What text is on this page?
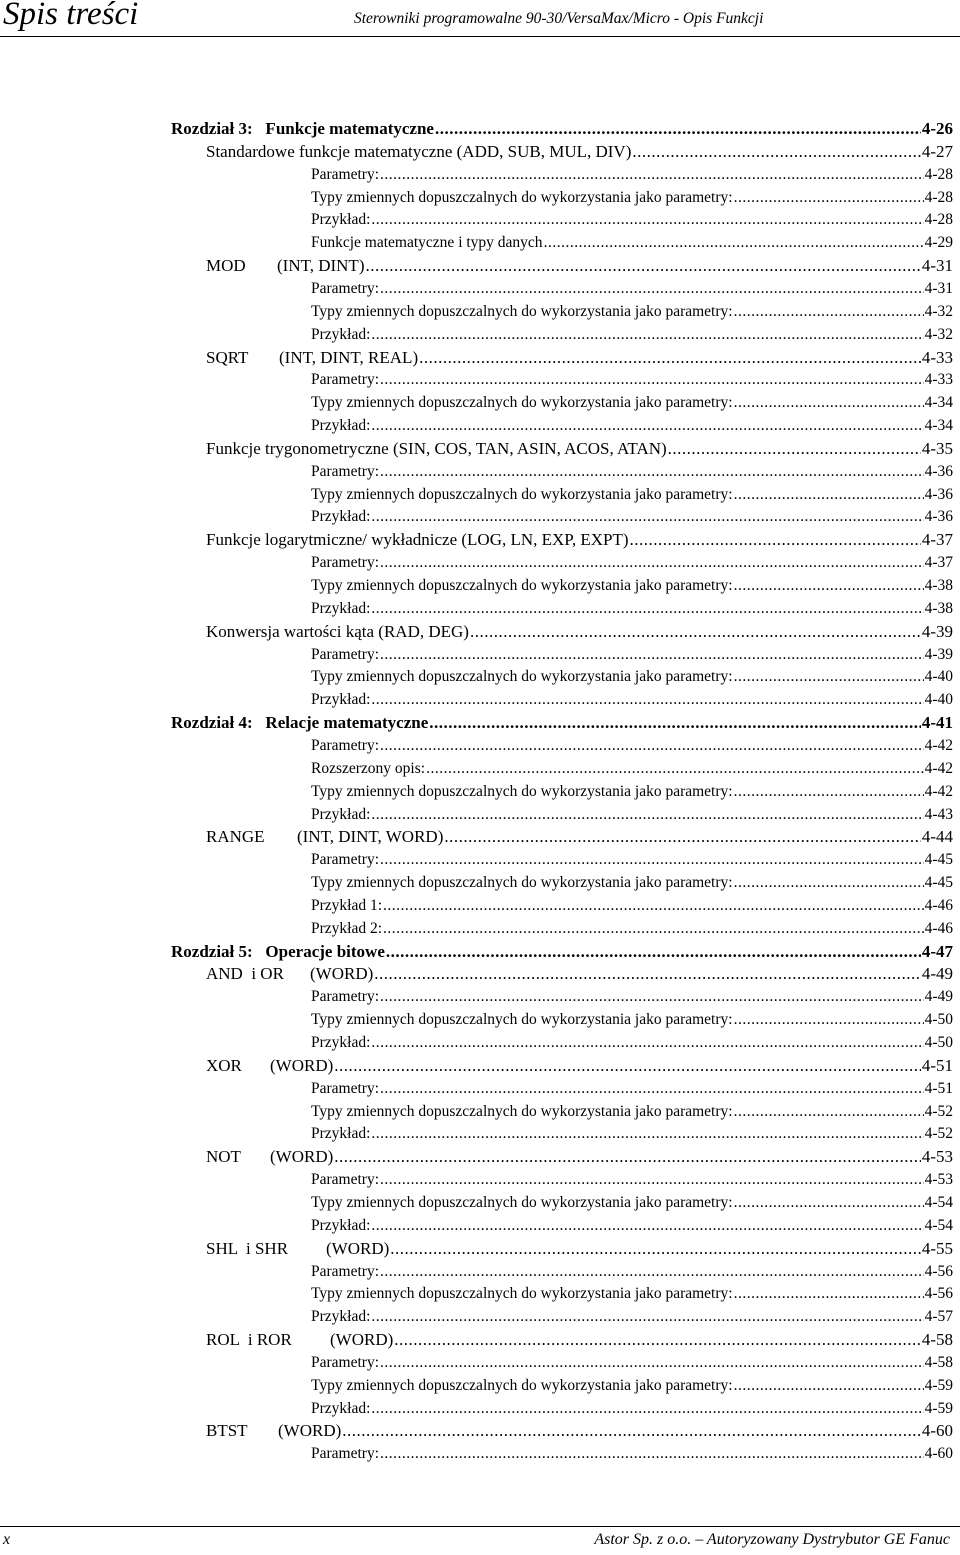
Spis treści	Sterowniki programowalne 90-30/VersaMax/Micro - Opis Funkcji
Rozdział 3:   Funkcje matematyczne .....	4-26
Standardowe funkcje matematyczne (ADD, SUB, MUL, DIV) .....	4-27
Parametry: .....	4-28
Typy zmiennych dopuszczalnych do wykorzystania jako parametry: .....	4-28
Przykład: .....	4-28
Funkcje matematyczne i typy danych .....	4-29
MOD (INT, DINT) .....	4-31
Parametry: .....	4-31
Typy zmiennych dopuszczalnych do wykorzystania jako parametry: .....	4-32
Przykład: .....	4-32
SQRT (INT, DINT, REAL) .....	4-33
Parametry: .....	4-33
Typy zmiennych dopuszczalnych do wykorzystania jako parametry: .....	4-34
Przykład: .....	4-34
Funkcje trygonometryczne (SIN, COS, TAN, ASIN, ACOS, ATAN) .....	4-35
Parametry: .....	4-36
Typy zmiennych dopuszczalnych do wykorzystania jako parametry: .....	4-36
Przykład: .....	4-36
Funkcje logarytmiczne/ wykładnicze (LOG, LN, EXP, EXPT) .....	4-37
Parametry: .....	4-37
Typy zmiennych dopuszczalnych do wykorzystania jako parametry: .....	4-38
Przykład: .....	4-38
Konwersja wartości kąta (RAD, DEG) .....	4-39
Parametry: .....	4-39
Typy zmiennych dopuszczalnych do wykorzystania jako parametry: .....	4-40
Przykład: .....	4-40
Rozdział 4:   Relacje matematyczne .....	4-41
Parametry: .....	4-42
Rozszerzony opis: .....	4-42
Typy zmiennych dopuszczalnych do wykorzystania jako parametry: .....	4-42
Przykład: .....	4-43
RANGE (INT, DINT, WORD) .....	4-44
Parametry: .....	4-45
Typy zmiennych dopuszczalnych do wykorzystania jako parametry: .....	4-45
Przykład 1: .....	4-46
Przykład 2: .....	4-46
Rozdział 5:   Operacje bitowe .....	4-47
AND  i OR (WORD) .....	4-49
Parametry: .....	4-49
Typy zmiennych dopuszczalnych do wykorzystania jako parametry: .....	4-50
Przykład: .....	4-50
XOR (WORD) .....	4-51
Parametry: .....	4-51
Typy zmiennych dopuszczalnych do wykorzystania jako parametry: .....	4-52
Przykład: .....	4-52
NOT (WORD) .....	4-53
Parametry: .....	4-53
Typy zmiennych dopuszczalnych do wykorzystania jako parametry: .....	4-54
Przykład: .....	4-54
SHL  i SHR (WORD) .....	4-55
Parametry: .....	4-56
Typy zmiennych dopuszczalnych do wykorzystania jako parametry: .....	4-56
Przykład: .....	4-57
ROL  i ROR (WORD) .....	4-58
Parametry: .....	4-58
Typy zmiennych dopuszczalnych do wykorzystania jako parametry: .....	4-59
Przykład: .....	4-59
BTST (WORD) .....	4-60
Parametry: .....	4-60
x	Astor Sp. z o.o. – Autoryzowany Dystrybutor GE Fanuc
